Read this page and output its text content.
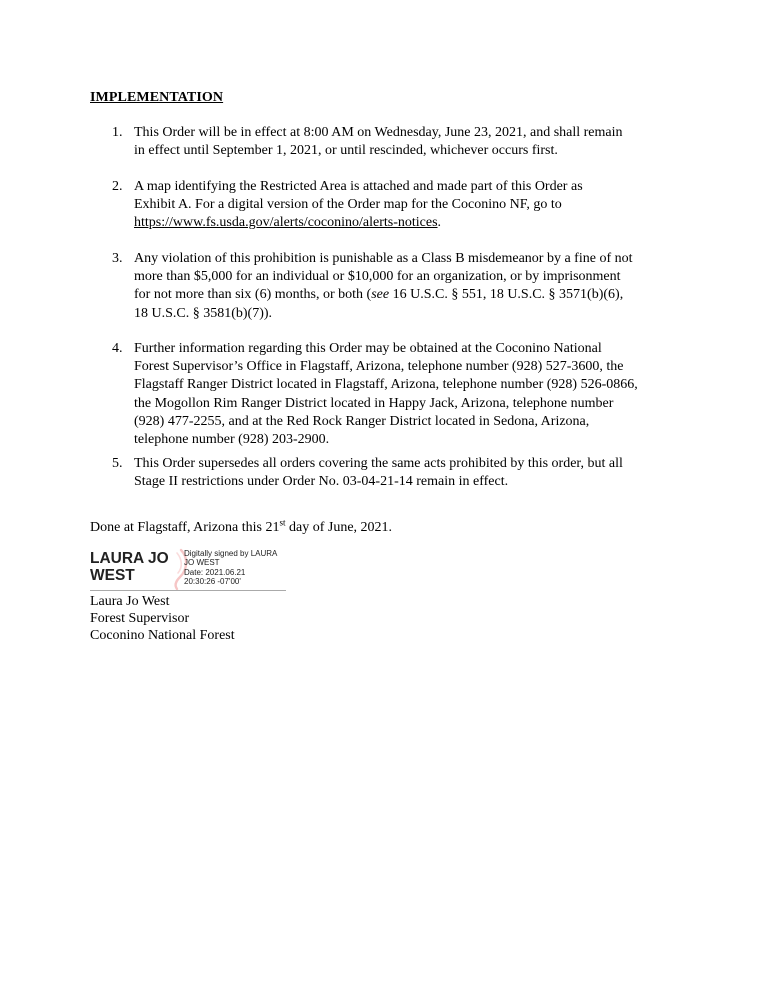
IMPLEMENTATION
1. This Order will be in effect at 8:00 AM on Wednesday, June 23, 2021, and shall remain
in effect until September 1, 2021, or until rescinded, whichever occurs first.
2. A map identifying the Restricted Area is attached and made part of this Order as
Exhibit A. For a digital version of the Order map for the Coconino NF, go to
https://www.fs.usda.gov/alerts/coconino/alerts-notices.
3. Any violation of this prohibition is punishable as a Class B misdemeanor by a fine of not
more than $5,000 for an individual or $10,000 for an organization, or by imprisonment
for not more than six (6) months, or both (see 16 U.S.C. § 551, 18 U.S.C. § 3571(b)(6),
18 U.S.C. § 3581(b)(7)).
4. Further information regarding this Order may be obtained at the Coconino National
Forest Supervisor’s Office in Flagstaff, Arizona, telephone number (928) 527-3600, the
Flagstaff Ranger District located in Flagstaff, Arizona, telephone number (928) 526-0866,
the Mogollon Rim Ranger District located in Happy Jack, Arizona, telephone number
(928) 477-2255, and at the Red Rock Ranger District located in Sedona, Arizona,
telephone number (928) 203-2900.
5. This Order supersedes all orders covering the same acts prohibited by this order, but all
Stage II restrictions under Order No. 03-04-21-14 remain in effect.
Done at Flagstaff, Arizona this 21st day of June, 2021.
LAURA JO
WEST
Digitally signed by LAURA
JO WEST
Date: 2021.06.21
20:30:26 -07'00'
Laura Jo West
Forest Supervisor
Coconino National Forest
